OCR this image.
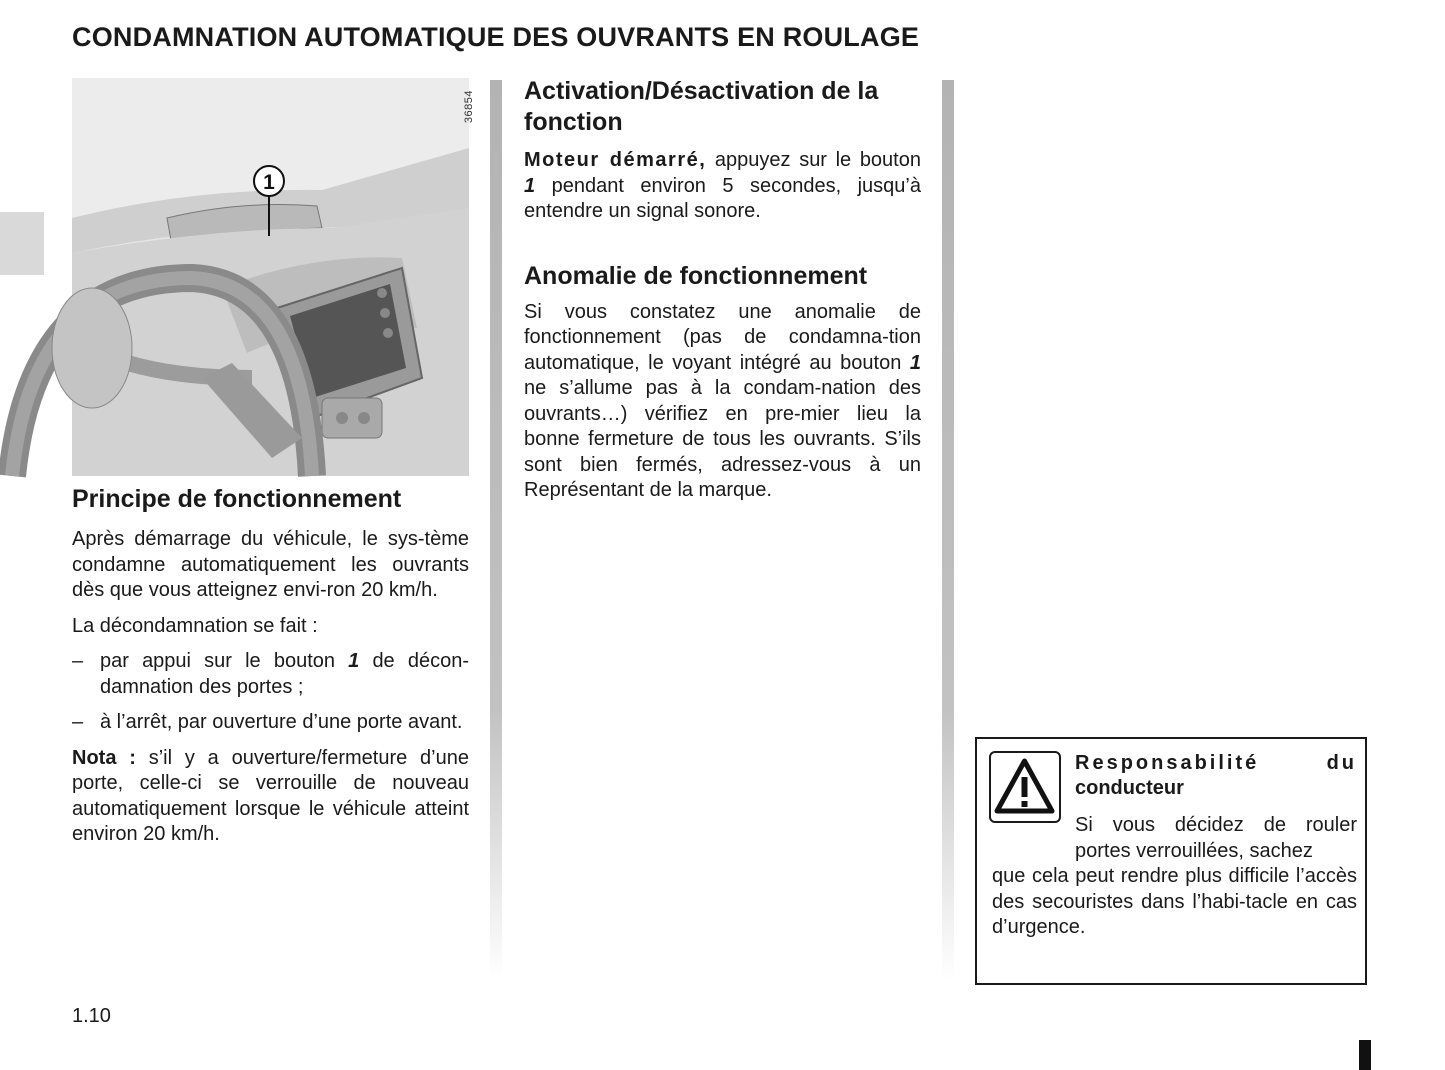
CONDAMNATION AUTOMATIQUE DES OUVRANTS EN ROULAGE
1
36854
Principe de fonctionnement

Après démarrage du véhicule, le sys-tème condamne automatiquement les ouvrants dès que vous atteignez envi-ron 20 km/h.

La décondamnation se fait :

– par appui sur le bouton 1 de décon-damnation des portes ;
– à l’arrêt, par ouverture d’une porte avant.

Nota : s’il y a ouverture/fermeture d’une porte, celle-ci se verrouille de nouveau automatiquement lorsque le véhicule atteint environ 20 km/h.

Activation/Désactivation de la fonction

Moteur démarré, appuyez sur le bouton 1 pendant environ 5 secondes, jusqu’à entendre un signal sonore.

Anomalie de fonctionnement

Si vous constatez une anomalie de fonctionnement (pas de condamna-tion automatique, le voyant intégré au bouton 1 ne s’allume pas à la condam-nation des ouvrants…) vérifiez en pre-mier lieu la bonne fermeture de tous les ouvrants. S’ils sont bien fermés, adressez-vous à un Représentant de la marque.

Responsabilité	du
conducteur

Si vous décidez de rouler portes verrouillées, sachez

que cela peut rendre plus difficile l’accès des secouristes dans l’habi-tacle en cas d’urgence.

1.10
